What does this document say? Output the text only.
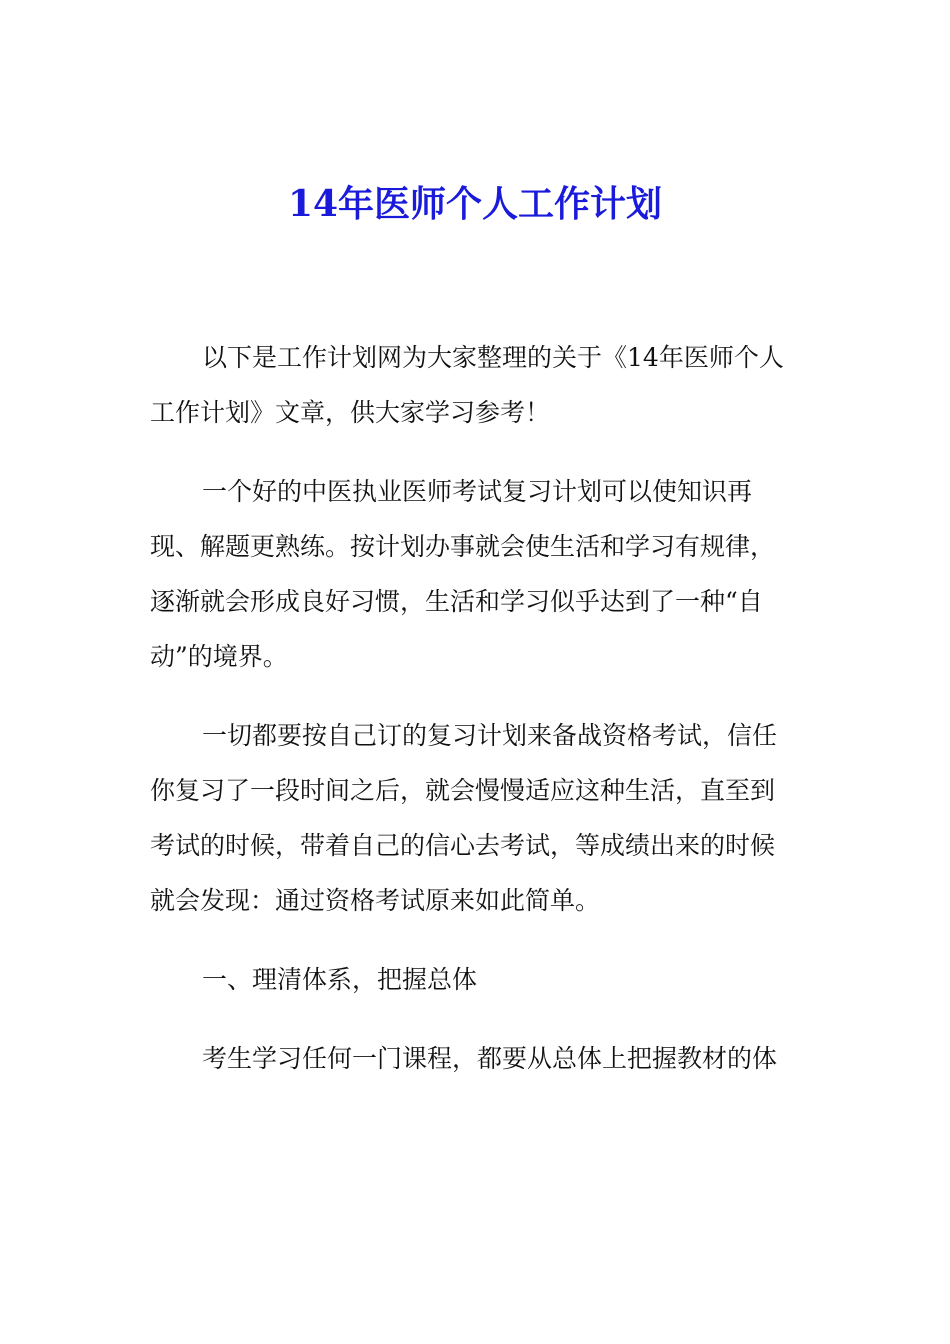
14年医师个人工作计划
以下是工作计划网为大家整理的关于《14年医师个人
工作计划》文章，供大家学习参考！
一个好的中医执业医师考试复习计划可以使知识再
现、解题更熟练。按计划办事就会使生活和学习有规律，
逐渐就会形成良好习惯，生活和学习似乎达到了一种“自
动”的境界。
一切都要按自己订的复习计划来备战资格考试，信任
你复习了一段时间之后，就会慢慢适应这种生活，直至到
考试的时候，带着自己的信心去考试，等成绩出来的时候
就会发现：通过资格考试原来如此简单。
一、理清体系，把握总体
考生学习任何一门课程，都要从总体上把握教材的体
